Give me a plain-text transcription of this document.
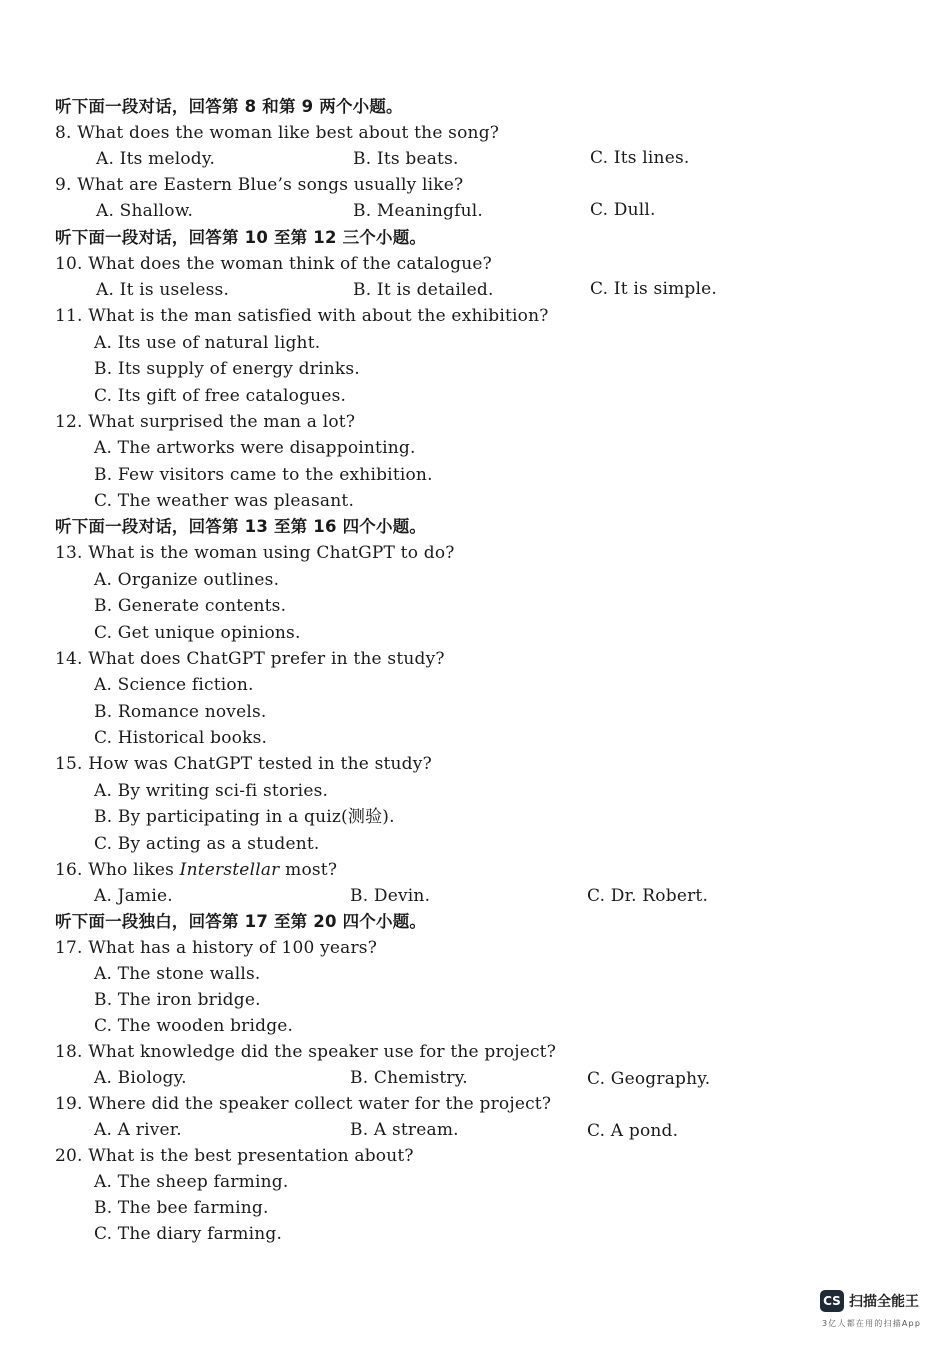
听下面一段对话，回答第 8 和第 9 两个小题。
8. What does the woman like best about the song?
A. Its melody.	B. Its beats.	C. Its lines.
9. What are Eastern Blue’s songs usually like?
A. Shallow.	B. Meaningful.	C. Dull.
听下面一段对话，回答第 10 至第 12 三个小题。
10. What does the woman think of the catalogue?
A. It is useless.	B. It is detailed.	C. It is simple.
11. What is the man satisfied with about the exhibition?
A. Its use of natural light.
B. Its supply of energy drinks.
C. Its gift of free catalogues.
12. What surprised the man a lot?
A. The artworks were disappointing.
B. Few visitors came to the exhibition.
C. The weather was pleasant.
听下面一段对话，回答第 13 至第 16 四个小题。
13. What is the woman using ChatGPT to do?
A. Organize outlines.
B. Generate contents.
C. Get unique opinions.
14. What does ChatGPT prefer in the study?
A. Science fiction.
B. Romance novels.
C. Historical books.
15. How was ChatGPT tested in the study?
A. By writing sci-fi stories.
B. By participating in a quiz(测验).
C. By acting as a student.
16. Who likes Interstellar most?
A. Jamie.	B. Devin.	C. Dr. Robert.
听下面一段独白，回答第 17 至第 20 四个小题。
17. What has a history of 100 years?
A. The stone walls.
B. The iron bridge.
C. The wooden bridge.
18. What knowledge did the speaker use for the project?
A. Biology.	B. Chemistry.	C. Geography.
19. Where did the speaker collect water for the project?
A. A river.	B. A stream.	C. A pond.
20. What is the best presentation about?
A. The sheep farming.
B. The bee farming.
C. The diary farming.
CS 扫描全能王
3亿人都在用的扫描App
